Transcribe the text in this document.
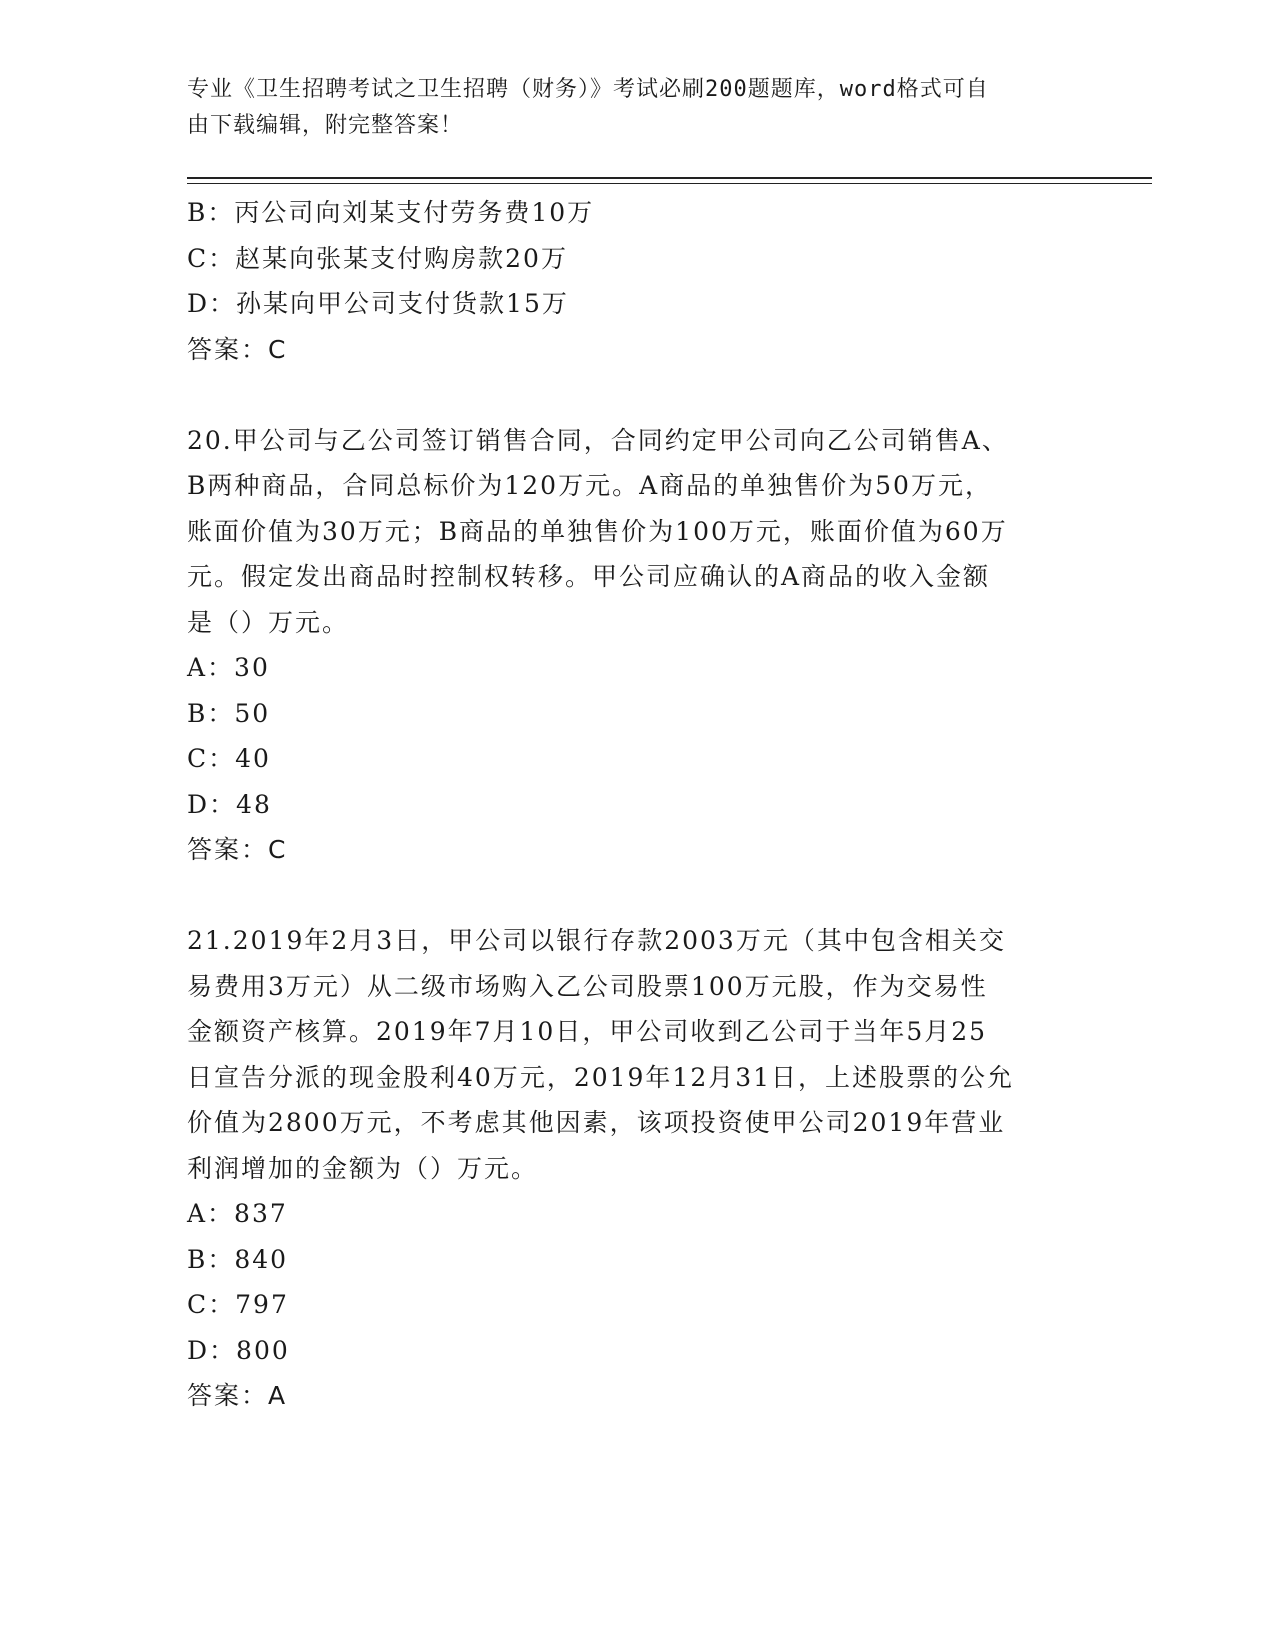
专业《卫生招聘考试之卫生招聘（财务）》考试必刷200题题库，word格式可自
由下载编辑，附完整答案！
B：丙公司向刘某支付劳务费10万
C：赵某向张某支付购房款20万
D：孙某向甲公司支付货款15万
答案：C
20.甲公司与乙公司签订销售合同，合同约定甲公司向乙公司销售A、
B两种商品，合同总标价为120万元。A商品的单独售价为50万元，
账面价值为30万元；B商品的单独售价为100万元，账面价值为60万
元。假定发出商品时控制权转移。甲公司应确认的A商品的收入金额
是（）万元。
A：30
B：50
C：40
D：48
答案：C
21.2019年2月3日，甲公司以银行存款2003万元（其中包含相关交
易费用3万元）从二级市场购入乙公司股票100万元股，作为交易性
金额资产核算。2019年7月10日，甲公司收到乙公司于当年5月25
日宣告分派的现金股利40万元，2019年12月31日，上述股票的公允
价值为2800万元，不考虑其他因素，该项投资使甲公司2019年营业
利润增加的金额为（）万元。
A：837
B：840
C：797
D：800
答案：A
